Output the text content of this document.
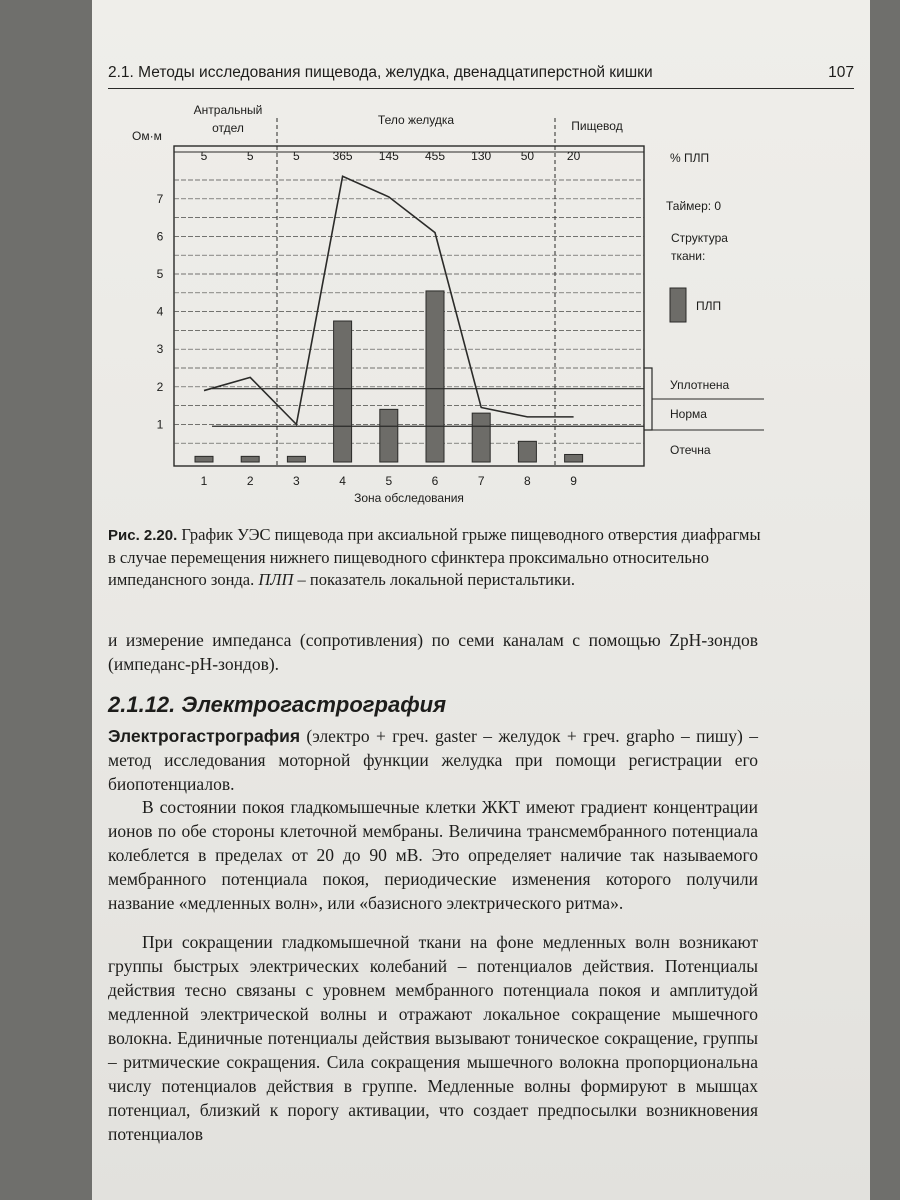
2.1. Методы исследования пищевода, желудка, двенадцатиперстной кишки	107
Ом·м
1
2
3
4
5
6
7
1	2	3	4	5	6	7	8	9
Зона обследования
Антральный
отдел
Тело желудка	Пищевод
5	5	5	365 145 455 130 50	20	% ПЛП
Таймер: 0
Структура
ткани:
ПЛП
Уплотнена
Норма
Отечна
Рис. 2.20. График УЭС пищевода при аксиальной грыже пищеводного отверстия диафрагмы в случае перемещения нижнего пищеводного сфинктера проксимально относительно импедансного зонда. ПЛП – показатель локальной перистальтики.
и измерение импеданса (сопротивления) по семи каналам с помощью ZpH-зондов (импеданс-рН-зондов).
2.1.12. Электрогастрография
Электрогастрография (электро + греч. gaster – желудок + греч. grapho – пишу) – метод исследования моторной функции желудка при помощи регистрации его биопотенциалов.
В состоянии покоя гладкомышечные клетки ЖКТ имеют градиент концентрации ионов по обе стороны клеточной мембраны. Величина трансмембранного потенциала колеблется в пределах от 20 до 90 мВ. Это определяет наличие так называемого мембранного потенциала покоя, периодические изменения которого получили название «медленных волн», или «базисного электрического ритма».
При сокращении гладкомышечной ткани на фоне медленных волн возникают группы быстрых электрических колебаний – потенциалов действия. Потенциалы действия тесно связаны с уровнем мембранного потенциала покоя и амплитудой медленной электрической волны и отражают локальное сокращение мышечного волокна. Единичные потенциалы действия вызывают тоническое сокращение, группы – ритмические сокращения. Сила сокращения мышечного волокна пропорциональна числу потенциалов действия в группе. Медленные волны формируют в мышцах потенциал, близкий к порогу активации, что создает предпосылки возникновения потенциалов
